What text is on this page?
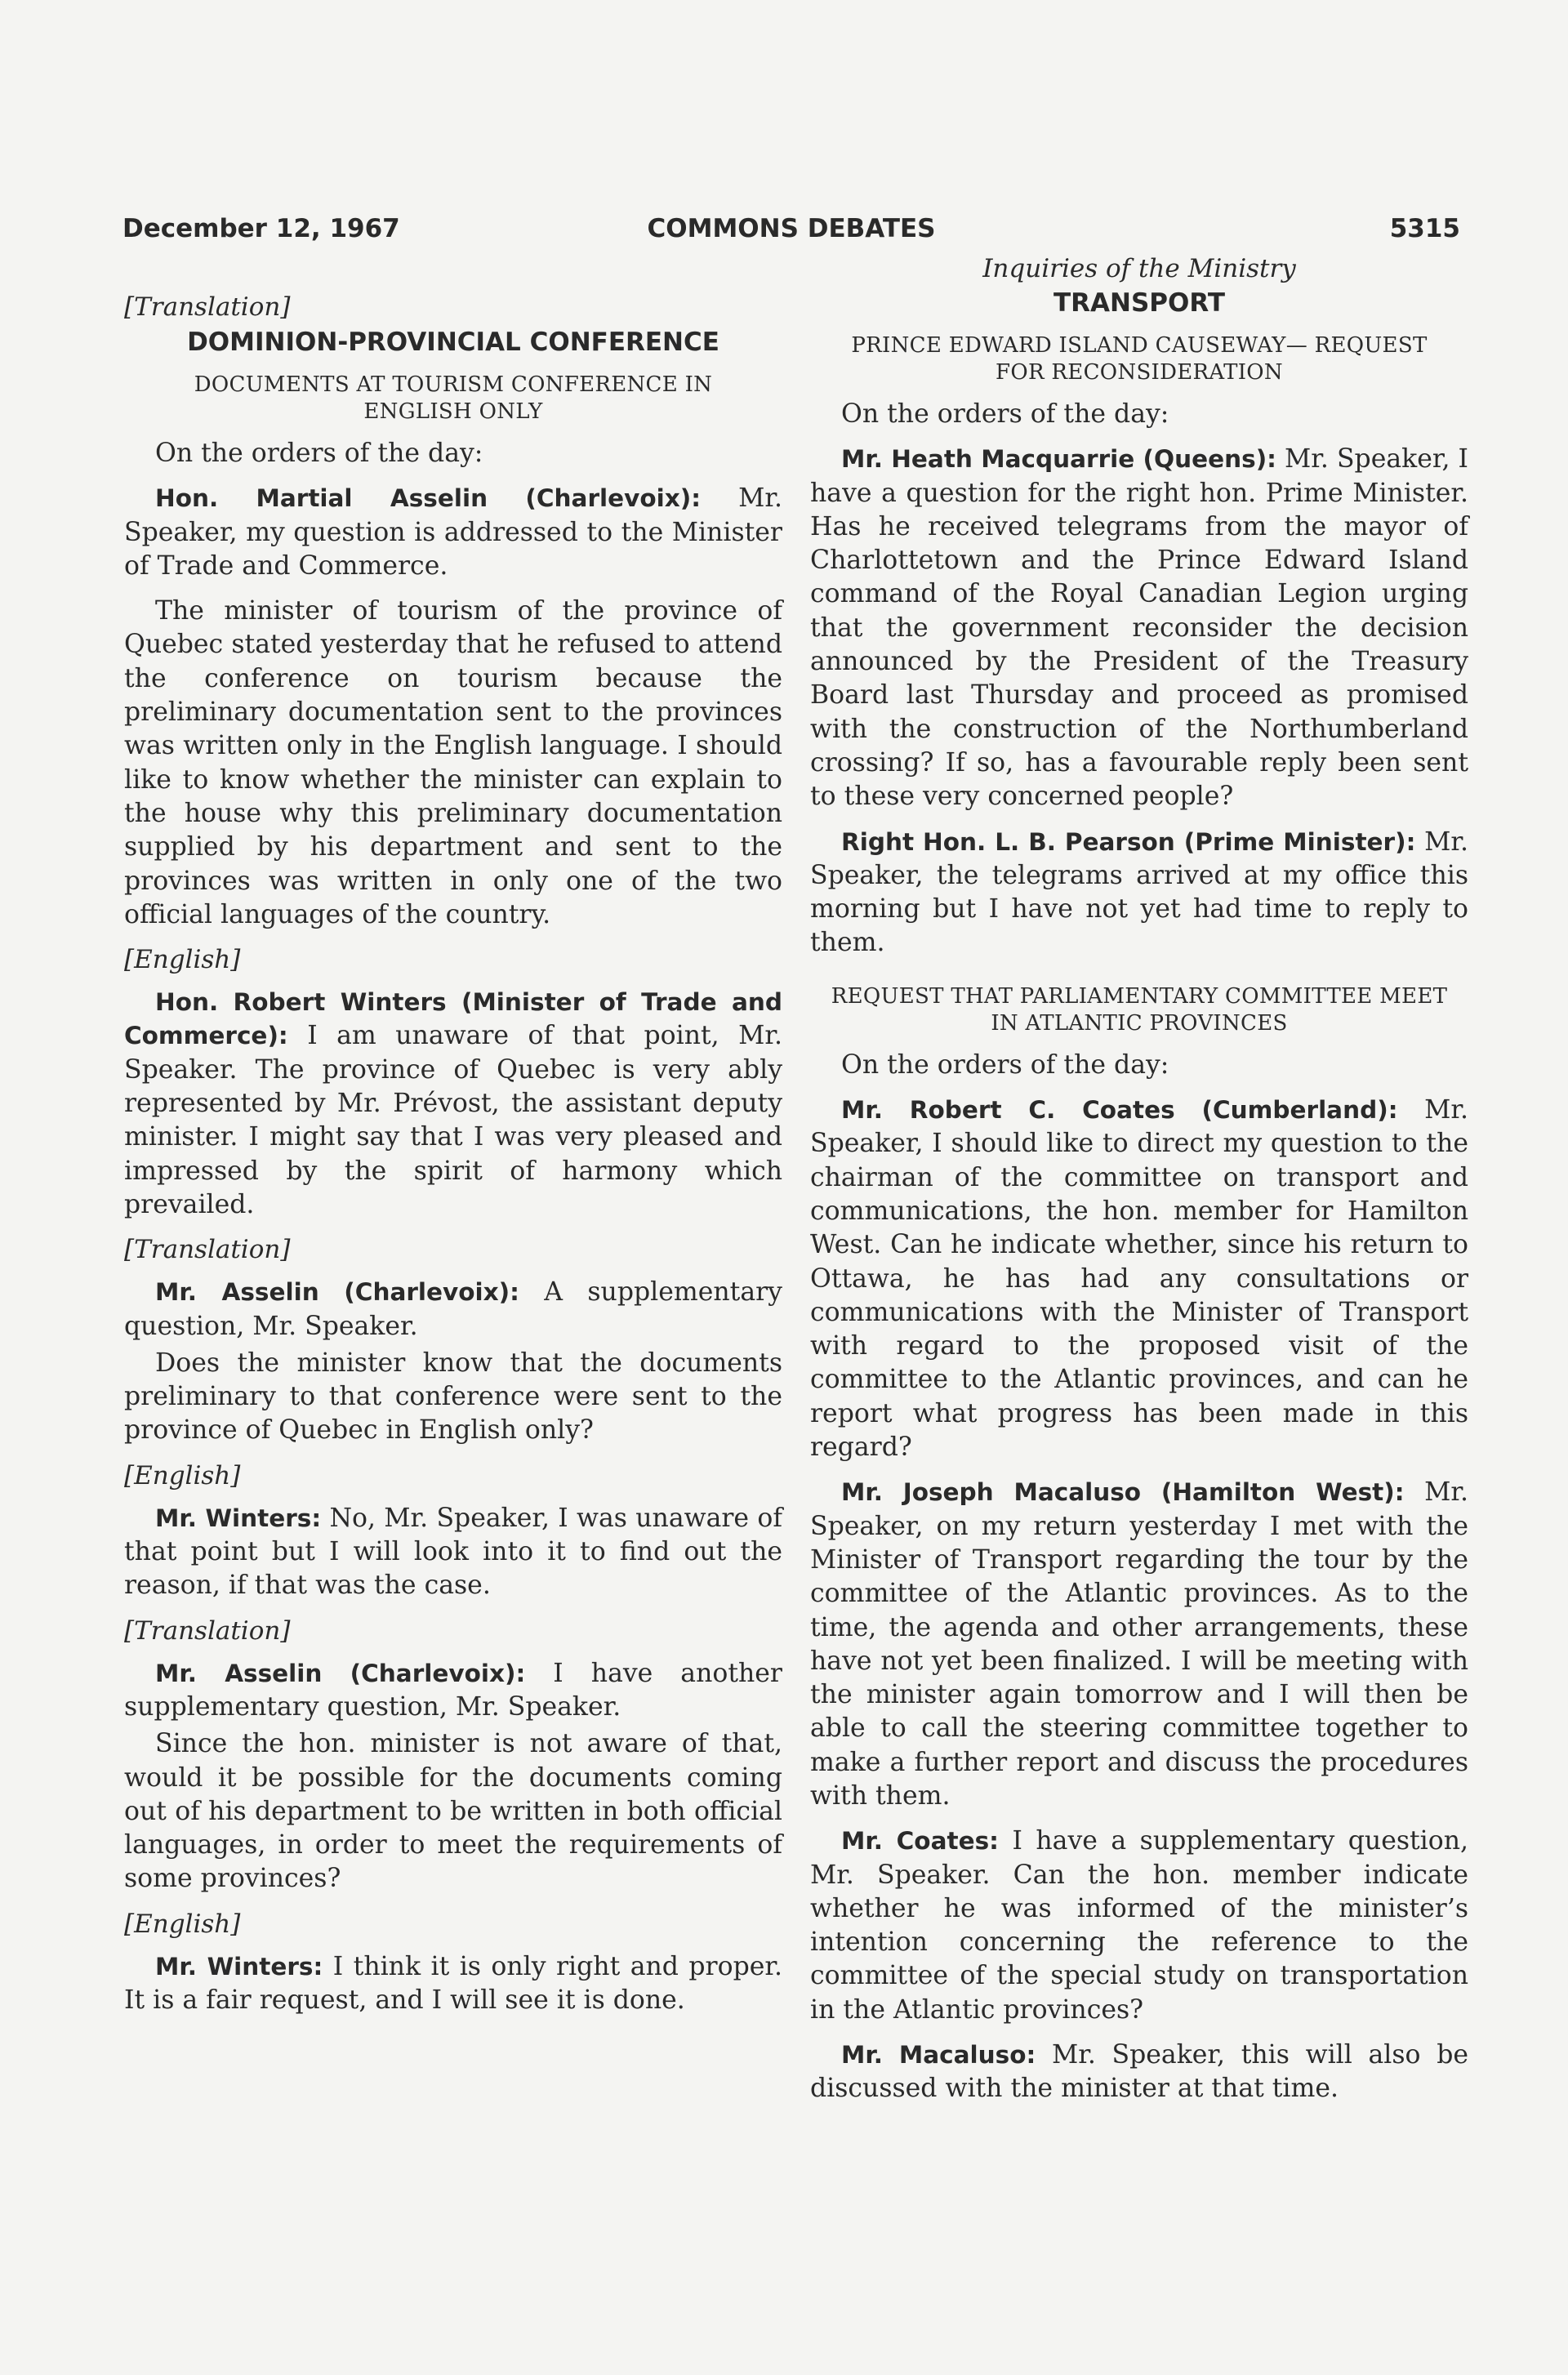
December 12, 1967	COMMONS DEBATES	5315
[Translation]
DOMINION-PROVINCIAL CONFERENCE
DOCUMENTS AT TOURISM CONFERENCE IN ENGLISH ONLY

On the orders of the day:

Hon. Martial Asselin (Charlevoix): Mr. Speaker, my question is addressed to the Minister of Trade and Commerce.

The minister of tourism of the province of Quebec stated yesterday that he refused to attend the conference on tourism because the preliminary documentation sent to the provinces was written only in the English language. I should like to know whether the minister can explain to the house why this preliminary documentation supplied by his department and sent to the provinces was written in only one of the two official languages of the country.

[English]

Hon. Robert Winters (Minister of Trade and Commerce): I am unaware of that point, Mr. Speaker. The province of Quebec is very ably represented by Mr. Prévost, the assistant deputy minister. I might say that I was very pleased and impressed by the spirit of harmony which prevailed.

[Translation]

Mr. Asselin (Charlevoix): A supplementary question, Mr. Speaker.

Does the minister know that the documents preliminary to that conference were sent to the province of Quebec in English only?

[English]

Mr. Winters: No, Mr. Speaker, I was unaware of that point but I will look into it to find out the reason, if that was the case.

[Translation]

Mr. Asselin (Charlevoix): I have another supplementary question, Mr. Speaker.

Since the hon. minister is not aware of that, would it be possible for the documents coming out of his department to be written in both official languages, in order to meet the requirements of some provinces?

[English]

Mr. Winters: I think it is only right and proper. It is a fair request, and I will see it is done.

Inquiries of the Ministry
TRANSPORT
PRINCE EDWARD ISLAND CAUSEWAY— REQUEST FOR RECONSIDERATION

On the orders of the day:

Mr. Heath Macquarrie (Queens): Mr. Speaker, I have a question for the right hon. Prime Minister. Has he received telegrams from the mayor of Charlottetown and the Prince Edward Island command of the Royal Canadian Legion urging that the government reconsider the decision announced by the President of the Treasury Board last Thursday and proceed as promised with the construction of the Northumberland crossing? If so, has a favourable reply been sent to these very concerned people?

Right Hon. L. B. Pearson (Prime Minister): Mr. Speaker, the telegrams arrived at my office this morning but I have not yet had time to reply to them.

REQUEST THAT PARLIAMENTARY COMMITTEE MEET IN ATLANTIC PROVINCES

On the orders of the day:

Mr. Robert C. Coates (Cumberland): Mr. Speaker, I should like to direct my question to the chairman of the committee on transport and communications, the hon. member for Hamilton West. Can he indicate whether, since his return to Ottawa, he has had any consultations or communications with the Minister of Transport with regard to the proposed visit of the committee to the Atlantic provinces, and can he report what progress has been made in this regard?

Mr. Joseph Macaluso (Hamilton West): Mr. Speaker, on my return yesterday I met with the Minister of Transport regarding the tour by the committee of the Atlantic provinces. As to the time, the agenda and other arrangements, these have not yet been finalized. I will be meeting with the minister again tomorrow and I will then be able to call the steering committee together to make a further report and discuss the procedures with them.

Mr. Coates: I have a supplementary question, Mr. Speaker. Can the hon. member indicate whether he was informed of the minister’s intention concerning the reference to the committee of the special study on transportation in the Atlantic provinces?

Mr. Macaluso: Mr. Speaker, this will also be discussed with the minister at that time.
